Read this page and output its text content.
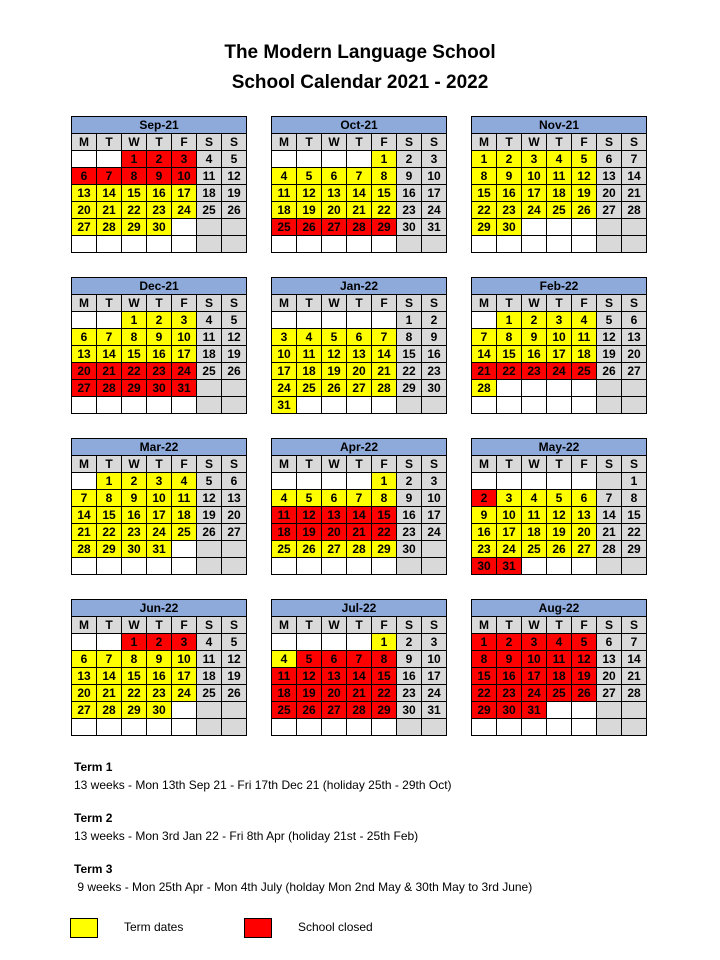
The Modern Language School
School Calendar 2021 - 2022
Sep-21
M	T	W	T	F	S	S
		1	2	3	4	5
6	7	8	9	10	11	12
13	14	15	16	17	18	19
20	21	22	23	24	25	26
27	28	29	30			

Oct-21
M	T	W	T	F	S	S
				1	2	3
4	5	6	7	8	9	10
11	12	13	14	15	16	17
18	19	20	21	22	23	24
25	26	27	28	29	30	31

Nov-21
M	T	W	T	F	S	S
1	2	3	4	5	6	7
8	9	10	11	12	13	14
15	16	17	18	19	20	21
22	23	24	25	26	27	28
29	30					

Dec-21
M	T	W	T	F	S	S
		1	2	3	4	5
6	7	8	9	10	11	12
13	14	15	16	17	18	19
20	21	22	23	24	25	26
27	28	29	30	31		

Jan-22
M	T	W	T	F	S	S
					1	2
3	4	5	6	7	8	9
10	11	12	13	14	15	16
17	18	19	20	21	22	23
24	25	26	27	28	29	30
31						
Feb-22
M	T	W	T	F	S	S
	1	2	3	4	5	6
7	8	9	10	11	12	13
14	15	16	17	18	19	20
21	22	23	24	25	26	27
28						

Mar-22
M	T	W	T	F	S	S
	1	2	3	4	5	6
7	8	9	10	11	12	13
14	15	16	17	18	19	20
21	22	23	24	25	26	27
28	29	30	31			

Apr-22
M	T	W	T	F	S	S
				1	2	3
4	5	6	7	8	9	10
11	12	13	14	15	16	17
18	19	20	21	22	23	24
25	26	27	28	29	30	

May-22
M	T	W	T	F	S	S
						1
2	3	4	5	6	7	8
9	10	11	12	13	14	15
16	17	18	19	20	21	22
23	24	25	26	27	28	29
30	31					
Jun-22
M	T	W	T	F	S	S
		1	2	3	4	5
6	7	8	9	10	11	12
13	14	15	16	17	18	19
20	21	22	23	24	25	26
27	28	29	30			

Jul-22
M	T	W	T	F	S	S
				1	2	3
4	5	6	7	8	9	10
11	12	13	14	15	16	17
18	19	20	21	22	23	24
25	26	27	28	29	30	31

Aug-22
M	T	W	T	F	S	S
1	2	3	4	5	6	7
8	9	10	11	12	13	14
15	16	17	18	19	20	21
22	23	24	25	26	27	28
29	30	31				

Term 1
13 weeks - Mon 13th Sep 21 - Fri 17th Dec 21 (holiday 25th - 29th Oct)
Term 2
13 weeks - Mon 3rd Jan 22 - Fri 8th Apr (holiday 21st - 25th Feb)
Term 3
9 weeks - Mon 25th Apr - Mon 4th July (holday Mon 2nd May & 30th May to 3rd June)
Term dates	School closed
